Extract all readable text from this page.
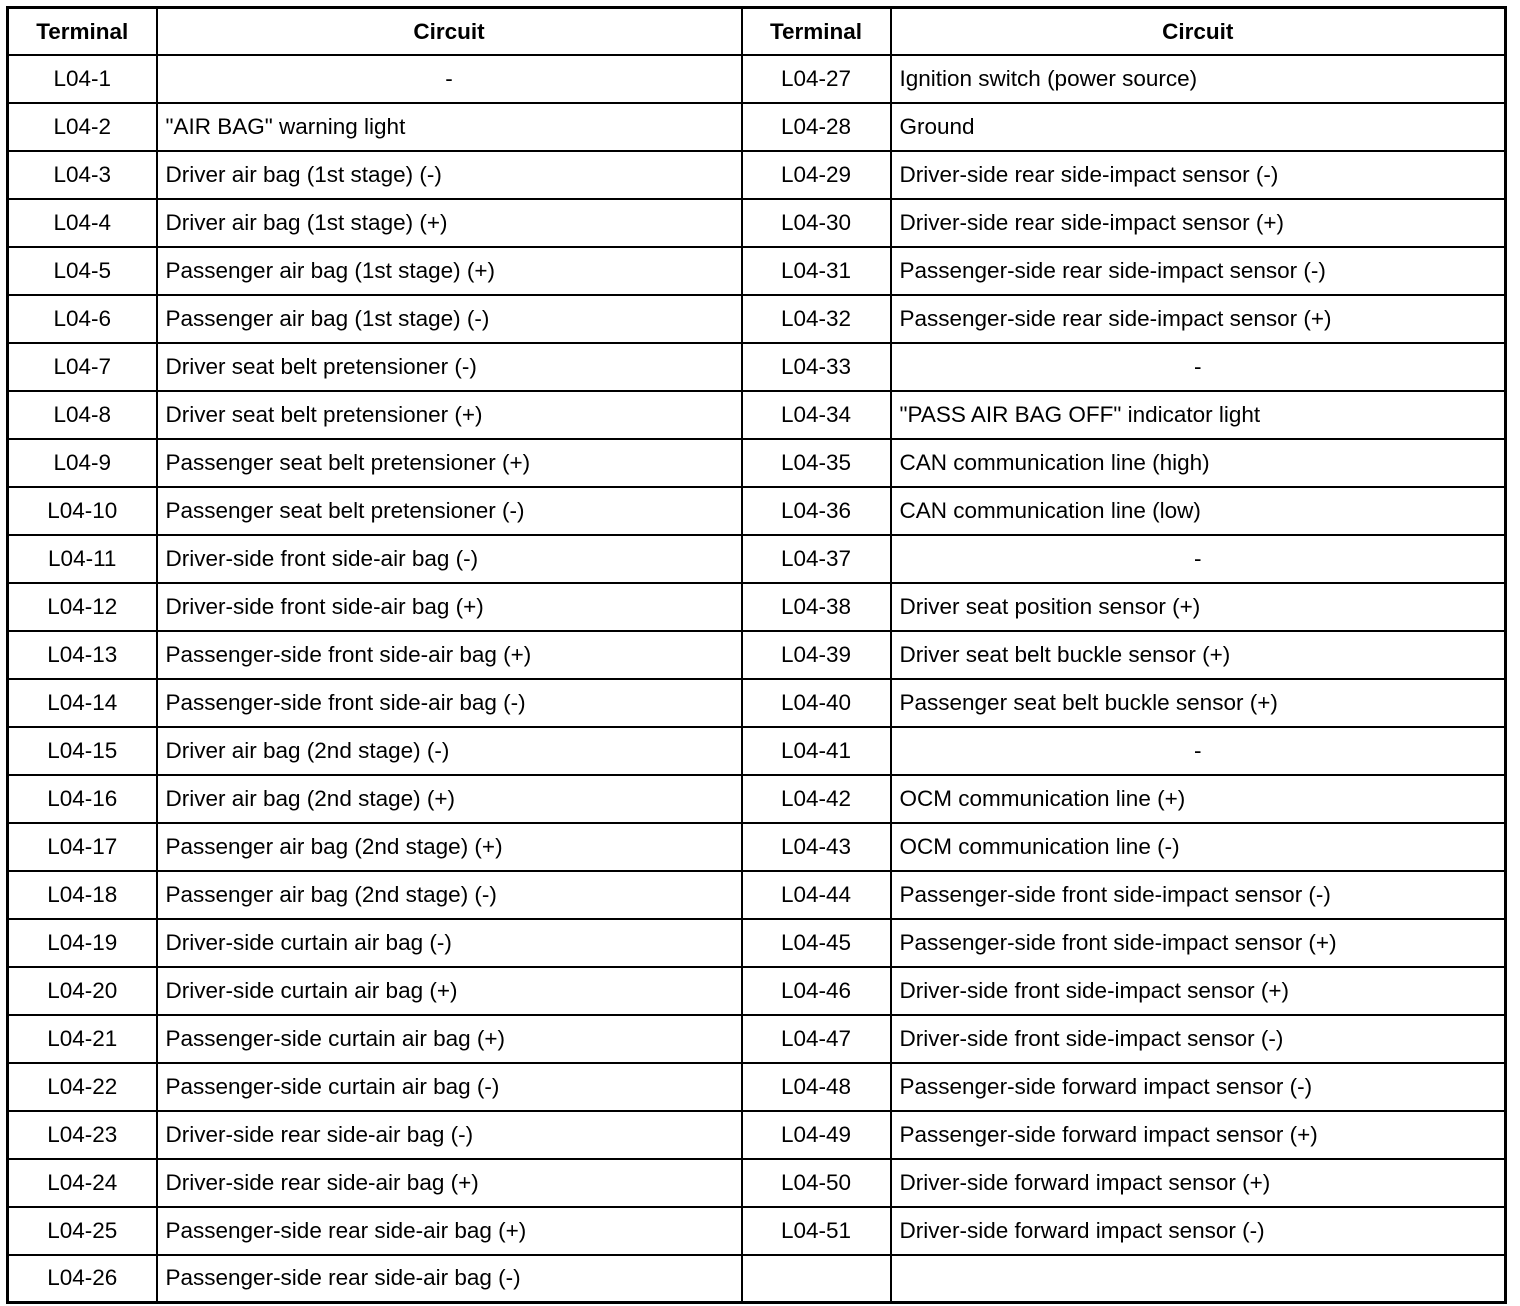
Terminal	Circuit	Terminal	Circuit
L04-1	-	L04-27	Ignition switch (power source)
L04-2	"AIR BAG" warning light	L04-28	Ground
L04-3	Driver air bag (1st stage) (-)	L04-29	Driver-side rear side-impact sensor (-)
L04-4	Driver air bag (1st stage) (+)	L04-30	Driver-side rear side-impact sensor (+)
L04-5	Passenger air bag (1st stage) (+)	L04-31	Passenger-side rear side-impact sensor (-)
L04-6	Passenger air bag (1st stage) (-)	L04-32	Passenger-side rear side-impact sensor (+)
L04-7	Driver seat belt pretensioner (-)	L04-33	-
L04-8	Driver seat belt pretensioner (+)	L04-34	"PASS AIR BAG OFF" indicator light
L04-9	Passenger seat belt pretensioner (+)	L04-35	CAN communication line (high)
L04-10	Passenger seat belt pretensioner (-)	L04-36	CAN communication line (low)
L04-11	Driver-side front side-air bag (-)	L04-37	-
L04-12	Driver-side front side-air bag (+)	L04-38	Driver seat position sensor (+)
L04-13	Passenger-side front side-air bag (+)	L04-39	Driver seat belt buckle sensor (+)
L04-14	Passenger-side front side-air bag (-)	L04-40	Passenger seat belt buckle sensor (+)
L04-15	Driver air bag (2nd stage) (-)	L04-41	-
L04-16	Driver air bag (2nd stage) (+)	L04-42	OCM communication line (+)
L04-17	Passenger air bag (2nd stage) (+)	L04-43	OCM communication line (-)
L04-18	Passenger air bag (2nd stage) (-)	L04-44	Passenger-side front side-impact sensor (-)
L04-19	Driver-side curtain air bag (-)	L04-45	Passenger-side front side-impact sensor (+)
L04-20	Driver-side curtain air bag (+)	L04-46	Driver-side front side-impact sensor (+)
L04-21	Passenger-side curtain air bag (+)	L04-47	Driver-side front side-impact sensor (-)
L04-22	Passenger-side curtain air bag (-)	L04-48	Passenger-side forward impact sensor (-)
L04-23	Driver-side rear side-air bag (-)	L04-49	Passenger-side forward impact sensor (+)
L04-24	Driver-side rear side-air bag (+)	L04-50	Driver-side forward impact sensor (+)
L04-25	Passenger-side rear side-air bag (+)	L04-51	Driver-side forward impact sensor (-)
L04-26	Passenger-side rear side-air bag (-)		
